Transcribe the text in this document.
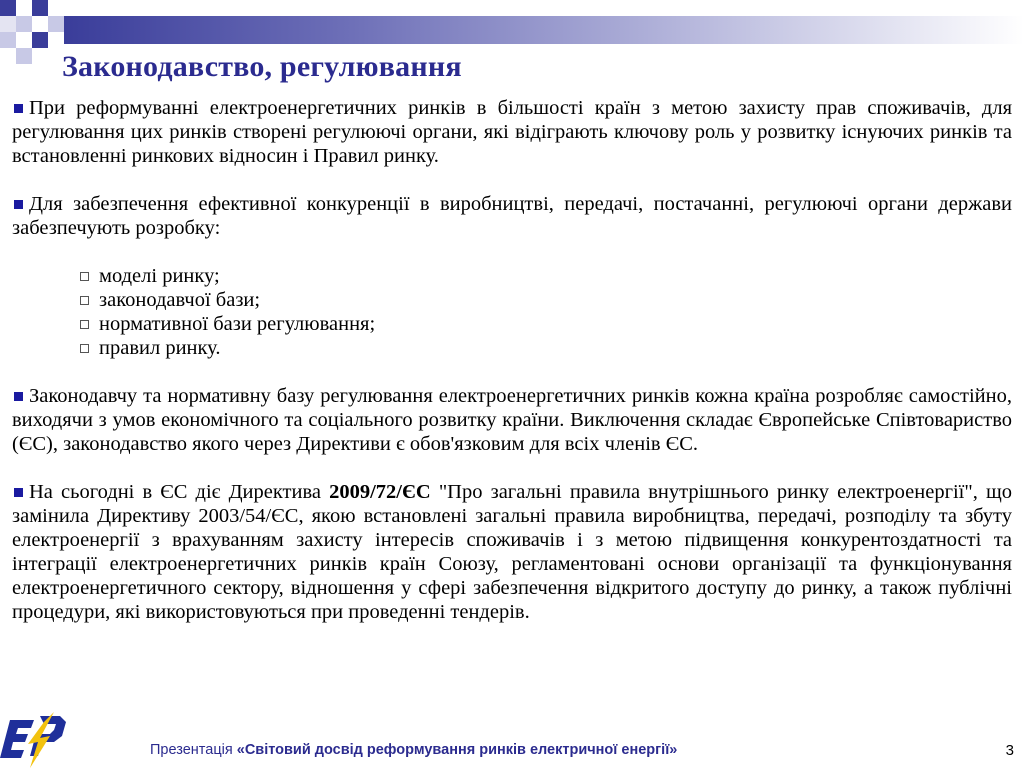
Законодавство, регулювання

При реформуванні електроенергетичних ринків в більшості країн з метою захисту прав споживачів, для регулювання цих ринків створені регулюючі органи, які відіграють ключову роль у розвитку існуючих ринків та встановленні ринкових відносин і Правил ринку.

Для забезпечення ефективної конкуренції в виробництві, передачі, постачанні, регулюючі органи держави забезпечують розробку:

моделі ринку;

законодавчої бази;

нормативної бази регулювання;

правил ринку.

Законодавчу та нормативну базу регулювання електроенергетичних ринків кожна країна розробляє самостійно, виходячи з умов економічного та соціального розвитку країни. Виключення складає Європейське Співтовариство (ЄС), законодавство якого через Директиви є обов'язковим для всіх членів ЄС.

На сьогодні в ЄС діє Директива 2009/72/ЄС "Про загальні правила внутрішнього ринку електроенергії", що замінила Директиву 2003/54/ЄС, якою встановлені загальні правила виробництва, передачі, розподілу та збуту електроенергії з врахуванням захисту інтересів споживачів і з метою підвищення конкурентоздатності та інтеграції електроенергетичних ринків країн Союзу, регламентовані основи організації та функціонування електроенергетичного сектору, відношення у сфері забезпечення відкритого доступу до ринку, а також публічні процедури, які використовуються при проведенні тендерів.

Презентація «Світовий досвід реформування ринків електричної енергії»	3
